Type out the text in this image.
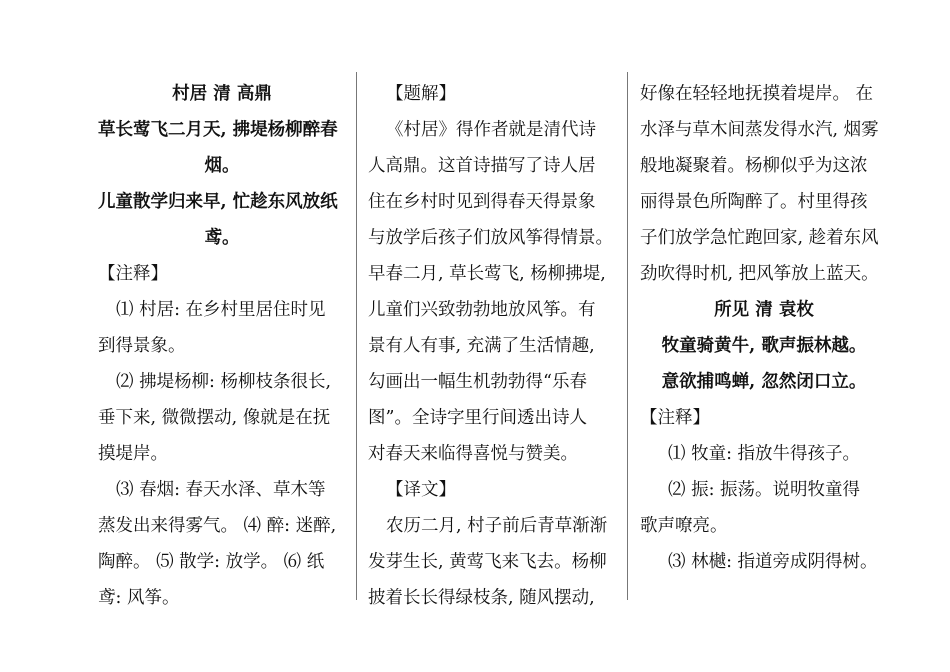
村居 清 高鼎
草长莺飞二月天, 拂堤杨柳醉春
烟。
儿童散学归来早, 忙趁东风放纸
鸢。
【注释】
⑴ 村居: 在乡村里居住时见
到得景象。
⑵ 拂堤杨柳: 杨柳枝条很长,
垂下来, 微微摆动, 像就是在抚
摸堤岸。
⑶ 春烟: 春天水泽、草木等
蒸发出来得雾气。 ⑷ 醉: 迷醉,
陶醉。 ⑸ 散学: 放学。 ⑹ 纸
鸢: 风筝。
【题解】
《村居》得作者就是清代诗
人高鼎。这首诗描写了诗人居
住在乡村时见到得春天得景象
与放学后孩子们放风筝得情景。
早春二月, 草长莺飞, 杨柳拂堤,
儿童们兴致勃勃地放风筝。有
景有人有事, 充满了生活情趣,
勾画出一幅生机勃勃得“乐春
图”。全诗字里行间透出诗人
对春天来临得喜悦与赞美。
【译文】
农历二月, 村子前后青草渐渐
发芽生长, 黄莺飞来飞去。杨柳
披着长长得绿枝条, 随风摆动,
好像在轻轻地抚摸着堤岸。 在
水泽与草木间蒸发得水汽, 烟雾
般地凝聚着。杨柳似乎为这浓
丽得景色所陶醉了。村里得孩
子们放学急忙跑回家, 趁着东风
劲吹得时机, 把风筝放上蓝天。
所见 清 袁枚
牧童骑黄牛, 歌声振林越。
意欲捕鸣蝉, 忽然闭口立。
【注释】
⑴ 牧童: 指放牛得孩子。
⑵ 振: 振荡。说明牧童得
歌声嘹亮。
⑶ 林樾: 指道旁成阴得树。
